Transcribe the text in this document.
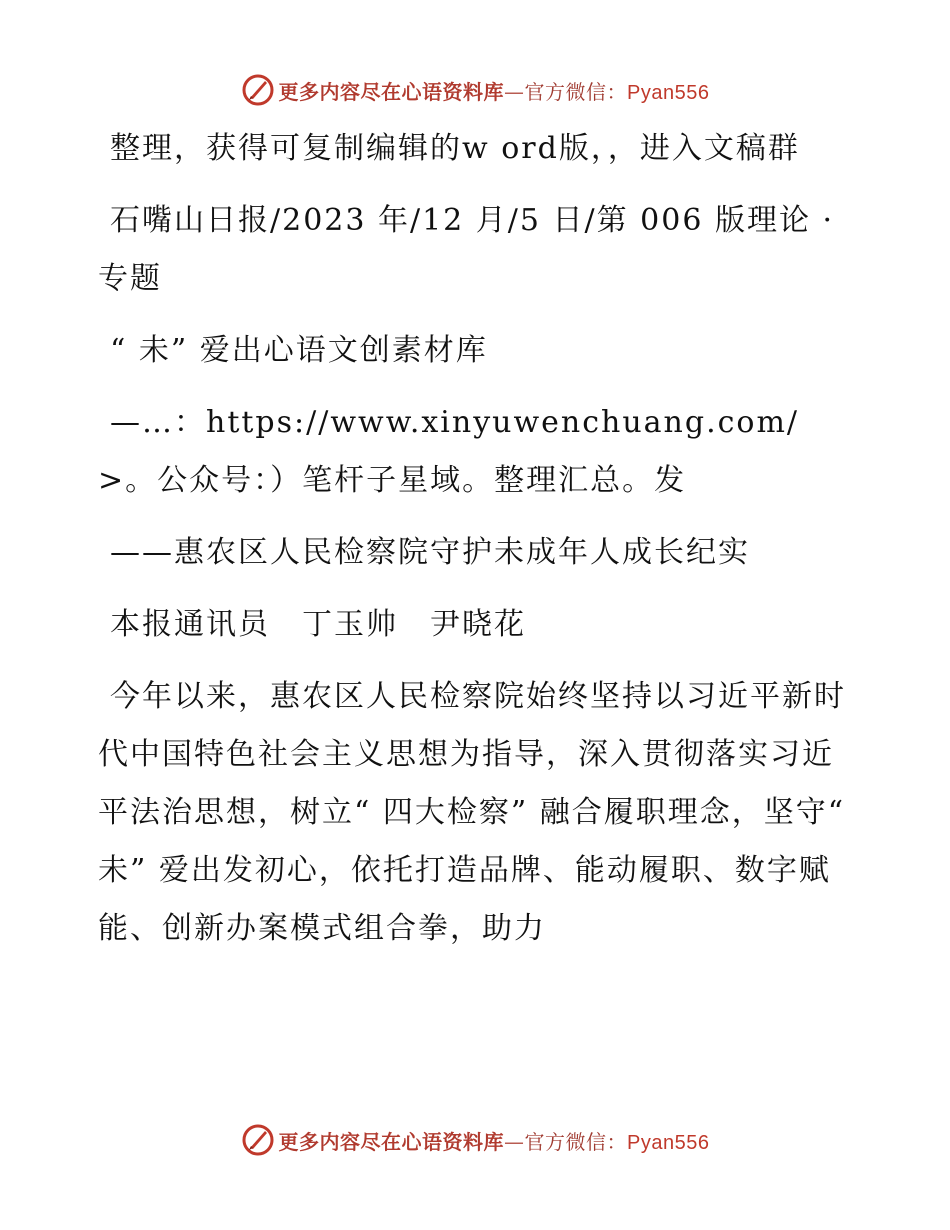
更多内容尽在心语资料库—官方微信：Pyan556

整理，获得可复制编辑的w ord版，，进入文稿群

石嘴山日报/2023 年/12 月/5 日/第 006 版理论 · 专题

“ 未” 爱出心语文创素材库

—…：https://www.xinyuwenchuang.com/>。公众号：）笔杆子星域。整理汇总。发

——惠农区人民检察院守护未成年人成长纪实

本报通讯员　丁玉帅　尹晓花

今年以来，惠农区人民检察院始终坚持以习近平新时代中国特色社会主义思想为指导，深入贯彻落实习近平法治思想，树立“ 四大检察” 融合履职理念，坚守“ 未” 爱出发初心，依托打造品牌、能动履职、数字赋能、创新办案模式组合拳，助力

更多内容尽在心语资料库—官方微信：Pyan556
